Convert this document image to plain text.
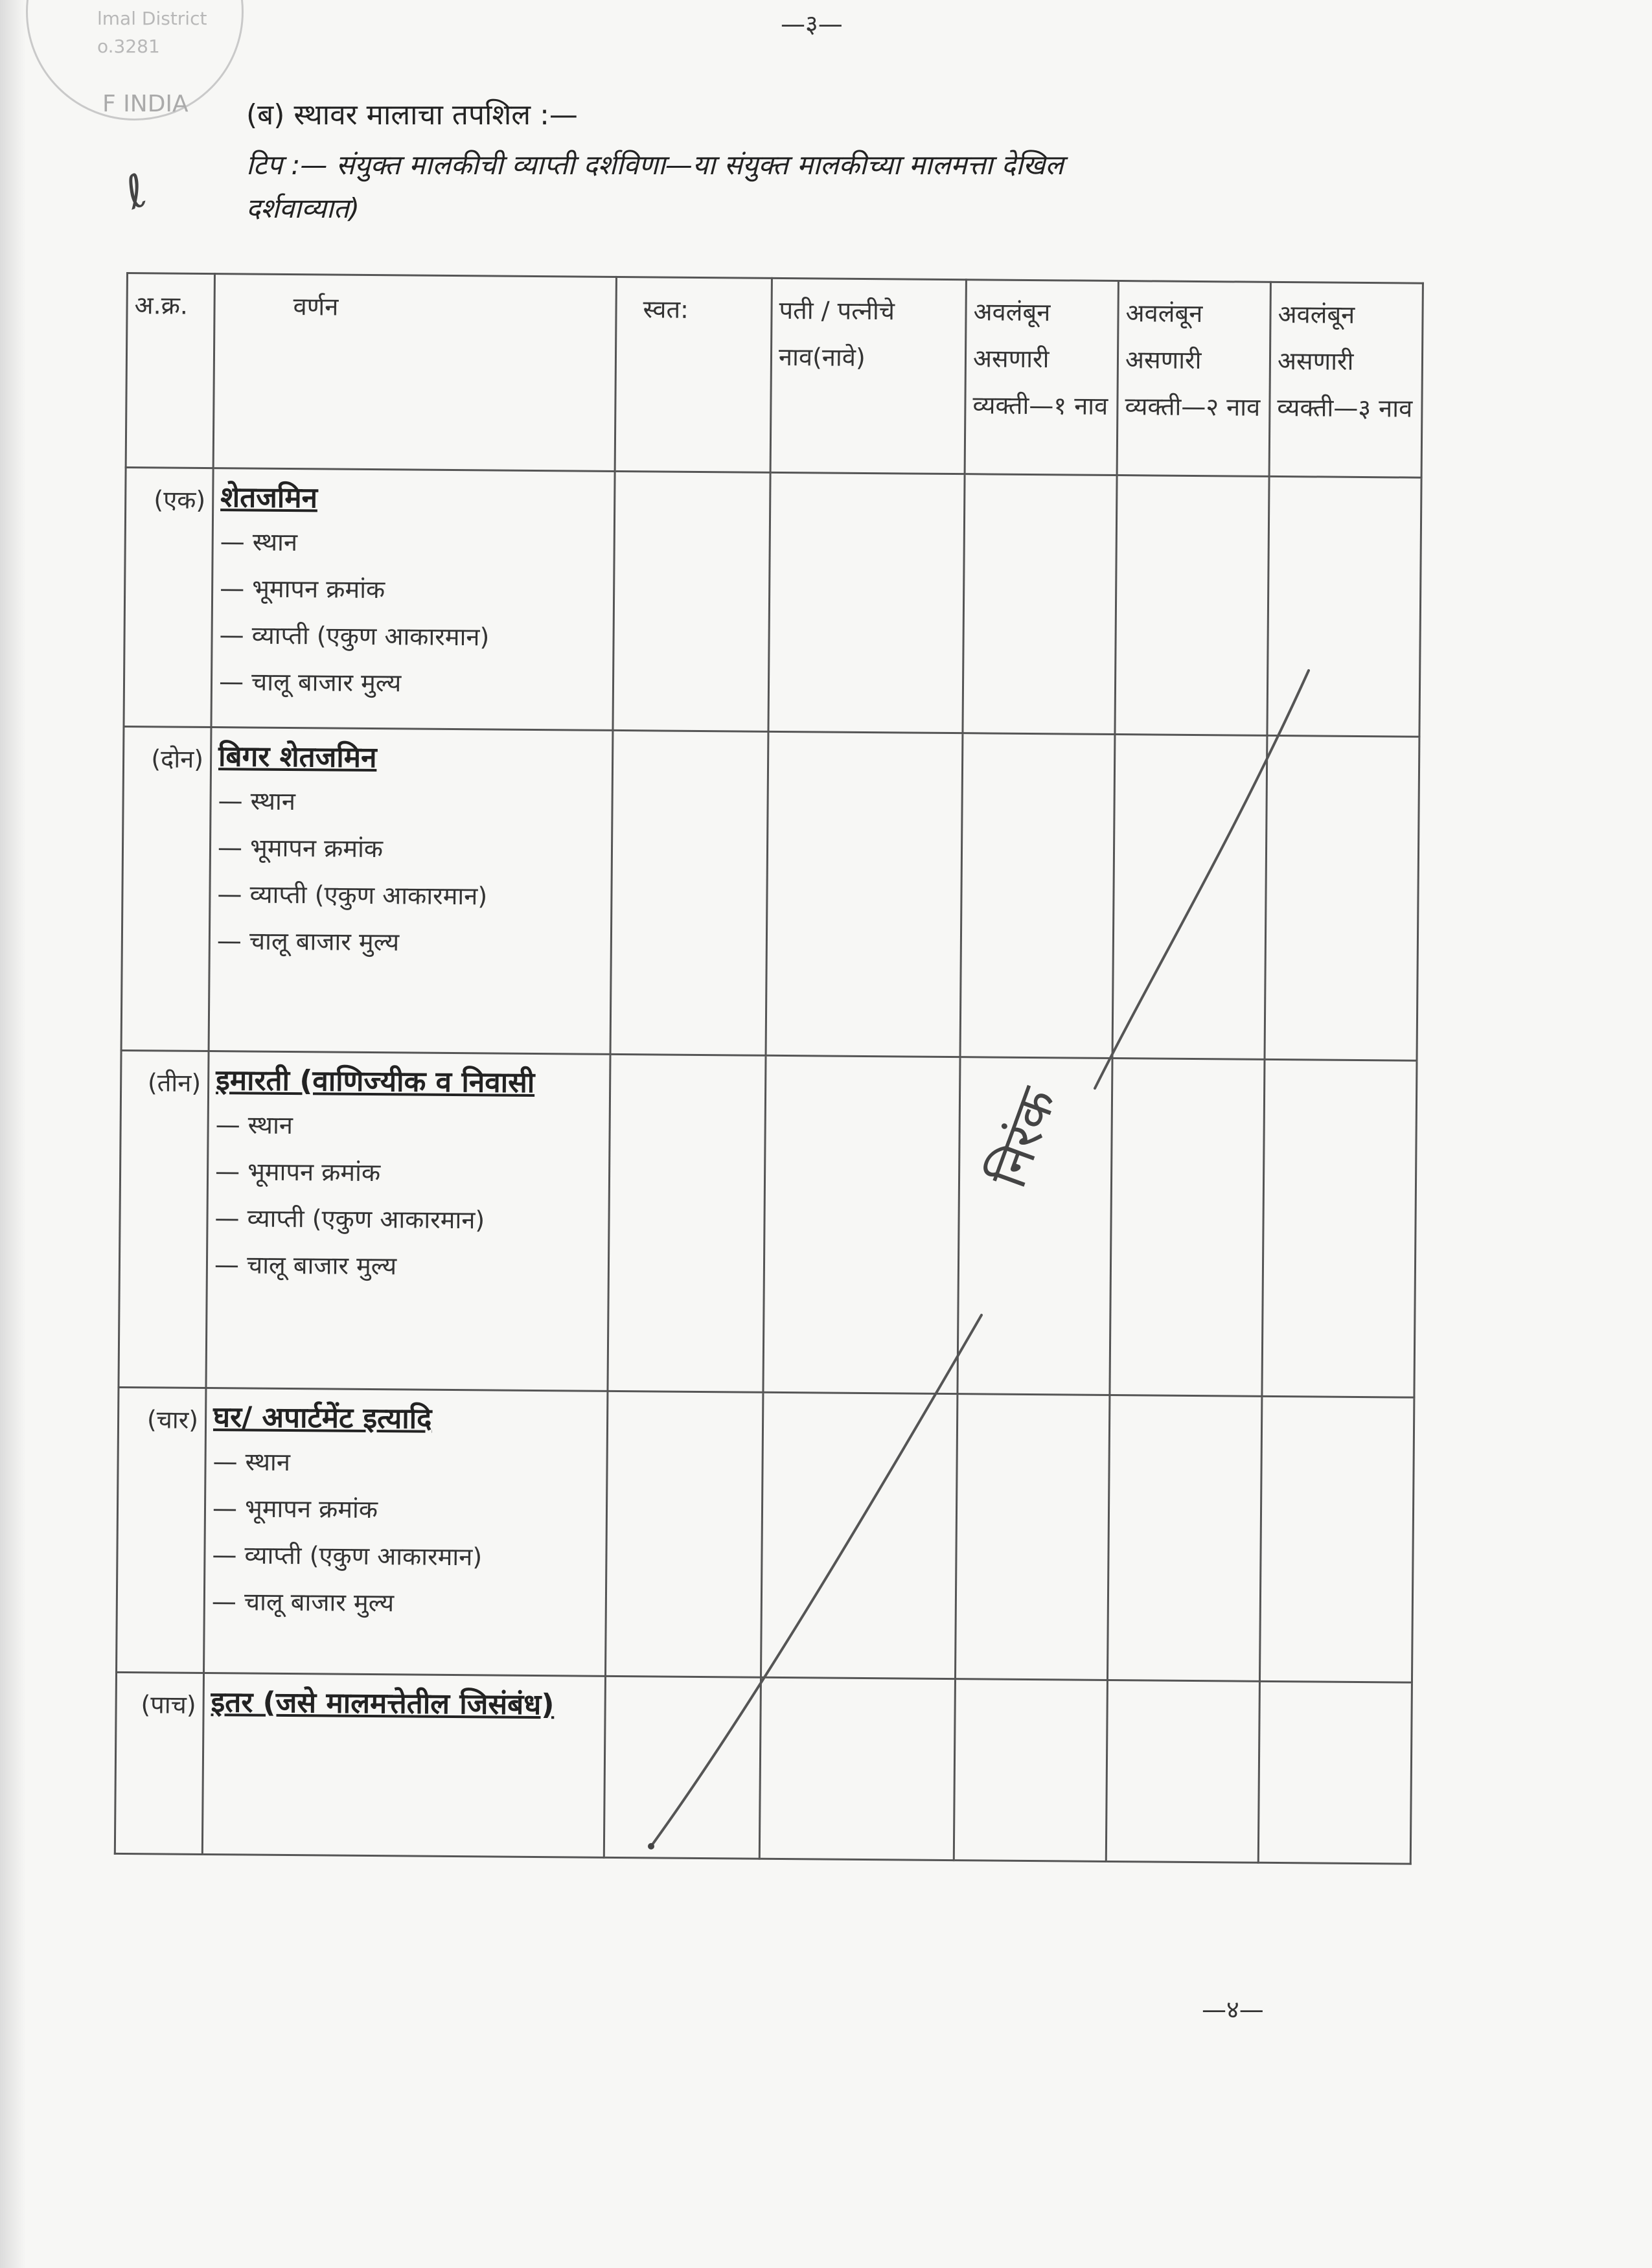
lmal District
o.3281
F INDIA
—३—
(ब) स्थावर मालाचा तपशिल :—
ℓ	टिप :— संयुक्त मालकीची व्याप्ती दर्शविणा—या संयुक्त मालकीच्या मालमत्ता देखिल
दर्शवाव्यात)
अ.क्र.	वर्णन	स्वत:	पती / पत्नीचे नाव(नावे)	अवलंबून असणारी व्यक्ती—१ नाव	अवलंबून असणारी व्यक्ती—२ नाव	अवलंबून असणारी व्यक्ती—३ नाव
(एक)	शेतजमिन
— स्थान
— भूमापन क्रमांक
— व्याप्ती (एकुण आकारमान)
— चालू बाजार मुल्य					

(दोन)	बिगर शेतजमिन
— स्थान
— भूमापन क्रमांक
— व्याप्ती (एकुण आकारमान)
— चालू बाजार मुल्य					

(तीन)	इमारती (वाणिज्यीक व निवासी
— स्थान
— भूमापन क्रमांक
— व्याप्ती (एकुण आकारमान)
— चालू बाजार मुल्य					

(चार)	घर/ अपार्टमेंट इत्यादि
— स्थान
— भूमापन क्रमांक
— व्याप्ती (एकुण आकारमान)
— चालू बाजार मुल्य					

(पाच)	इतर (जसे मालमत्तेतील जिसंबंध)					

निरंक
—४—
